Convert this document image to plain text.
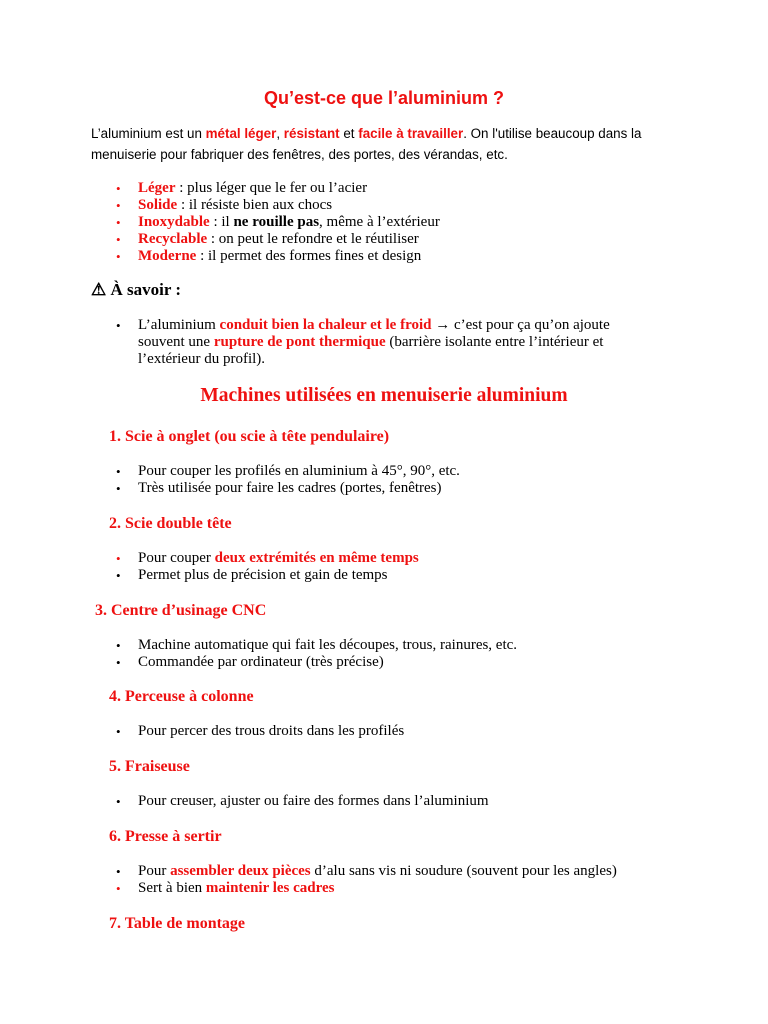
Qu’est-ce que l’aluminium ?
L’aluminium est un métal léger, résistant et facile à travailler. On l'utilise beaucoup dans la menuiserie pour fabriquer des fenêtres, des portes, des vérandas, etc.
• Léger : plus léger que le fer ou l’acier
• Solide : il résiste bien aux chocs
• Inoxydable : il ne rouille pas, même à l’extérieur
• Recyclable : on peut le refondre et le réutiliser
• Moderne : il permet des formes fines et design
⚠ À savoir :
• L’aluminium conduit bien la chaleur et le froid → c’est pour ça qu’on ajoute souvent une rupture de pont thermique (barrière isolante entre l’intérieur et l’extérieur du profil).
Machines utilisées en menuiserie aluminium
1. Scie à onglet (ou scie à tête pendulaire)
• Pour couper les profilés en aluminium à 45°, 90°, etc.
• Très utilisée pour faire les cadres (portes, fenêtres)
2. Scie double tête
• Pour couper deux extrémités en même temps
• Permet plus de précision et gain de temps
3. Centre d’usinage CNC
• Machine automatique qui fait les découpes, trous, rainures, etc.
• Commandée par ordinateur (très précise)
4. Perceuse à colonne
• Pour percer des trous droits dans les profilés
5. Fraiseuse
• Pour creuser, ajuster ou faire des formes dans l’aluminium
6. Presse à sertir
• Pour assembler deux pièces d’alu sans vis ni soudure (souvent pour les angles)
• Sert à bien maintenir les cadres
7. Table de montage
